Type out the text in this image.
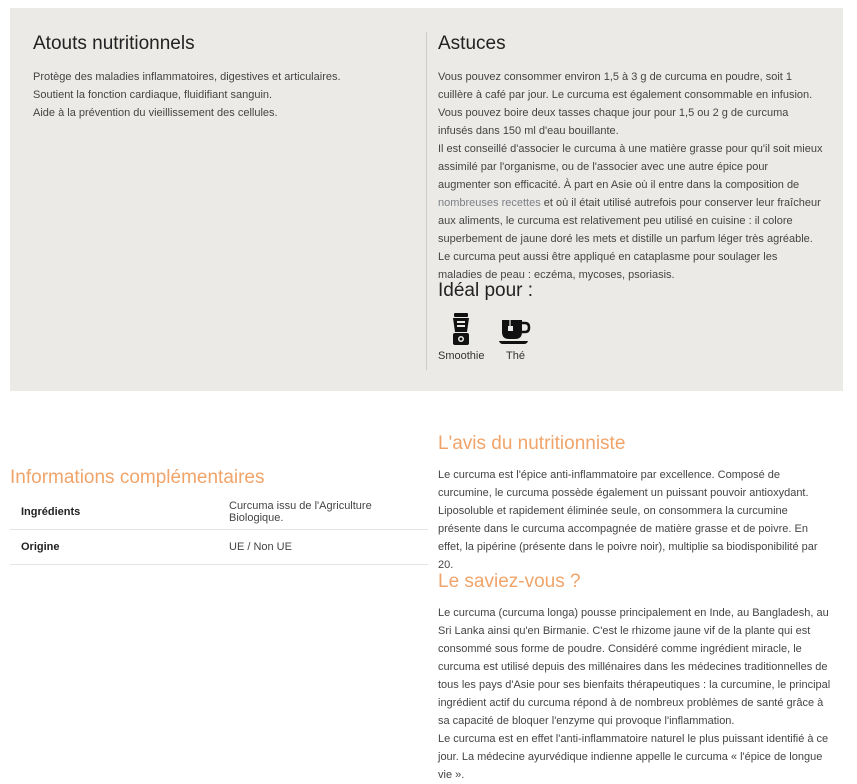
Atouts nutritionnels

Protège des maladies inflammatoires, digestives et articulaires.

Soutient la fonction cardiaque, fluidifiant sanguin.

Aide à la prévention du vieillissement des cellules.

Astuces

Vous pouvez consommer environ 1,5 à 3 g de curcuma en poudre, soit 1 cuillère à café par jour. Le curcuma est également consommable en infusion. Vous pouvez boire deux tasses chaque jour pour 1,5 ou 2 g de curcuma infusés dans 150 ml d'eau bouillante.

Il est conseillé d'associer le curcuma à une matière grasse pour qu'il soit mieux assimilé par l'organisme, ou de l'associer avec une autre épice pour augmenter son efficacité. À part en Asie où il entre dans la composition de nombreuses recettes et où il était utilisé autrefois pour conserver leur fraîcheur aux aliments, le curcuma est relativement peu utilisé en cuisine : il colore superbement de jaune doré les mets et distille un parfum léger très agréable. Le curcuma peut aussi être appliqué en cataplasme pour soulager les maladies de peau : eczéma, mycoses, psoriasis.

Idéal pour :
Smoothie Thé
Informations complémentaires
Ingrédients	Curcuma issu de l'Agriculture Biologique.
Origine	UE / Non UE
L'avis du nutritionniste

Le curcuma est l'épice anti-inflammatoire par excellence. Composé de curcumine, le curcuma possède également un puissant pouvoir antioxydant. Liposoluble et rapidement éliminée seule, on consommera la curcumine présente dans le curcuma accompagnée de matière grasse et de poivre. En effet, la pipérine (présente dans le poivre noir), multiplie sa biodisponibilité par 20.

Le saviez-vous ?

Le curcuma (curcuma longa) pousse principalement en Inde, au Bangladesh, au Sri Lanka ainsi qu'en Birmanie. C'est le rhizome jaune vif de la plante qui est consommé sous forme de poudre. Considéré comme ingrédient miracle, le curcuma est utilisé depuis des millénaires dans les médecines traditionnelles de tous les pays d'Asie pour ses bienfaits thérapeutiques : la curcumine, le principal ingrédient actif du curcuma répond à de nombreux problèmes de santé grâce à sa capacité de bloquer l'enzyme qui provoque l'inflammation.

Le curcuma est en effet l'anti-inflammatoire naturel le plus puissant identifié à ce jour. La médecine ayurvédique indienne appelle le curcuma « l'épice de longue vie ».
